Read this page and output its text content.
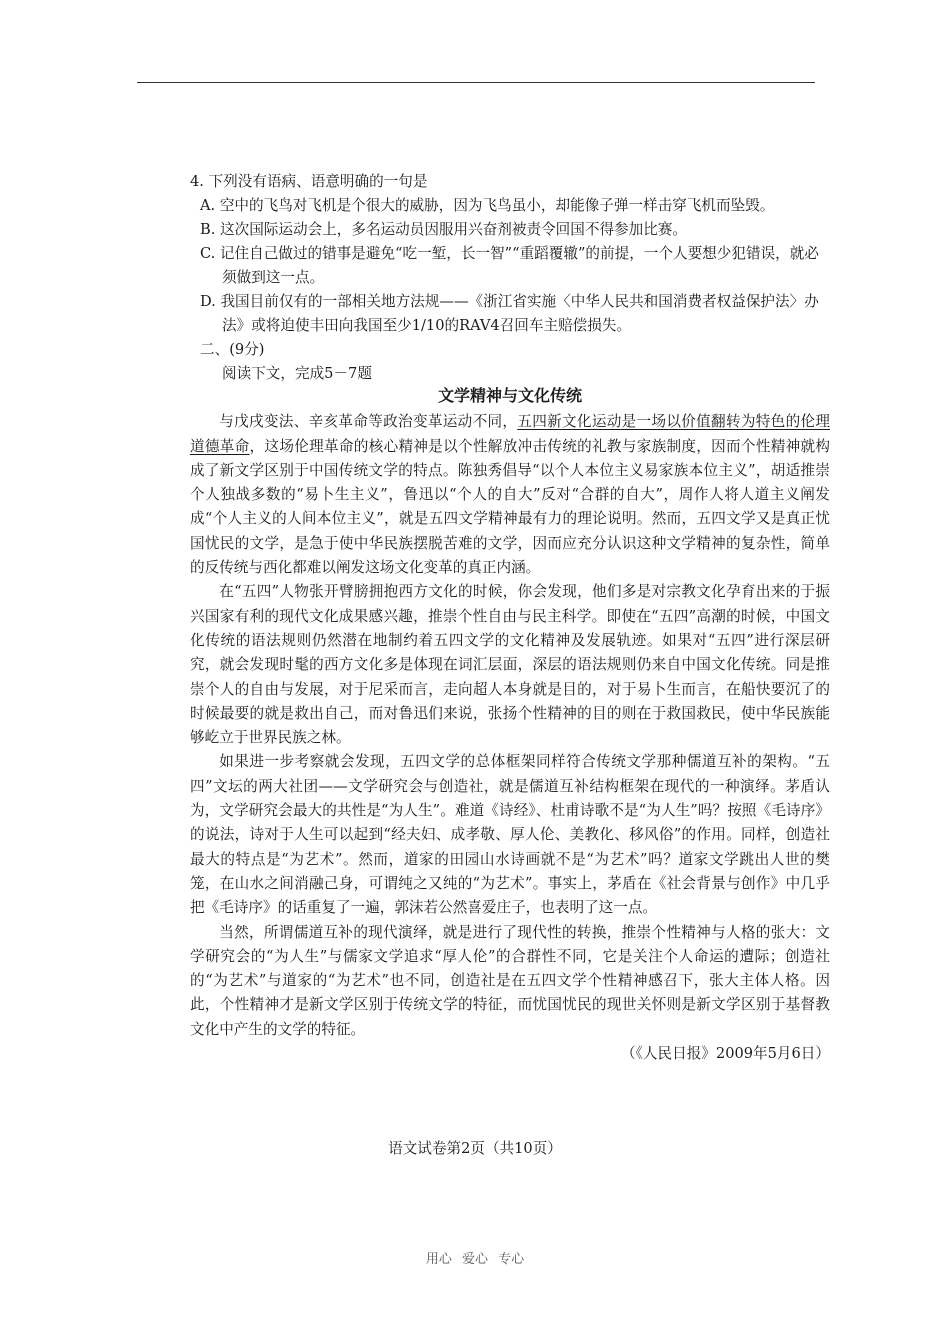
4. 下列没有语病、语意明确的一句是

A. 空中的飞鸟对飞机是个很大的威胁，因为飞鸟虽小，却能像子弹一样击穿飞机而坠毁。

B. 这次国际运动会上，多名运动员因服用兴奋剂被责令回国不得参加比赛。

C. 记住自己做过的错事是避免“吃一堑，长一智”“重蹈覆辙”的前提，一个人要想少犯错误，就必须做到这一点。

D. 我国目前仅有的一部相关地方法规——《浙江省实施〈中华人民共和国消费者权益保护法〉办法》或将迫使丰田向我国至少1/10的RAV4召回车主赔偿损失。

二、(9分)

阅读下文，完成5－7题

文学精神与文化传统

与戊戌变法、辛亥革命等政治变革运动不同，五四新文化运动是一场以价值翻转为特色的伦理道德革命，这场伦理革命的核心精神是以个性解放冲击传统的礼教与家族制度，因而个性精神就构成了新文学区别于中国传统文学的特点。陈独秀倡导“以个人本位主义易家族本位主义”，胡适推崇个人独战多数的“易卜生主义”，鲁迅以“个人的自大”反对“合群的自大”，周作人将人道主义阐发成“个人主义的人间本位主义”，就是五四文学精神最有力的理论说明。然而，五四文学又是真正忧国忧民的文学，是急于使中华民族摆脱苦难的文学，因而应充分认识这种文学精神的复杂性，简单的反传统与西化都难以阐发这场文化变革的真正内涵。

在“五四”人物张开臂膀拥抱西方文化的时候，你会发现，他们多是对宗教文化孕育出来的于振兴国家有利的现代文化成果感兴趣，推崇个性自由与民主科学。即使在“五四”高潮的时候，中国文化传统的语法规则仍然潜在地制约着五四文学的文化精神及发展轨迹。如果对“五四”进行深层研究，就会发现时髦的西方文化多是体现在词汇层面，深层的语法规则仍来自中国文化传统。同是推崇个人的自由与发展，对于尼采而言，走向超人本身就是目的，对于易卜生而言，在船快要沉了的时候最要的就是救出自己，而对鲁迅们来说，张扬个性精神的目的则在于救国救民，使中华民族能够屹立于世界民族之林。

如果进一步考察就会发现，五四文学的总体框架同样符合传统文学那种儒道互补的架构。“五四”文坛的两大社团——文学研究会与创造社，就是儒道互补结构框架在现代的一种演绎。茅盾认为，文学研究会最大的共性是“为人生”。难道《诗经》、杜甫诗歌不是“为人生”吗？按照《毛诗序》的说法，诗对于人生可以起到“经夫妇、成孝敬、厚人伦、美教化、移风俗”的作用。同样，创造社最大的特点是“为艺术”。然而，道家的田园山水诗画就不是“为艺术”吗？道家文学跳出人世的樊笼，在山水之间消融己身，可谓纯之又纯的“为艺术”。事实上，茅盾在《社会背景与创作》中几乎把《毛诗序》的话重复了一遍，郭沫若公然喜爱庄子，也表明了这一点。

当然，所谓儒道互补的现代演绎，就是进行了现代性的转换，推崇个性精神与人格的张大：文学研究会的“为人生”与儒家文学追求“厚人伦”的合群性不同，它是关注个人命运的遭际；创造社的“为艺术”与道家的“为艺术”也不同，创造社是在五四文学个性精神感召下，张大主体人格。因此，个性精神才是新文学区别于传统文学的特征，而忧国忧民的现世关怀则是新文学区别于基督教文化中产生的文学的特征。

（《人民日报》2009年5月6日）

语文试卷第2页（共10页）
用心 爱心 专心
